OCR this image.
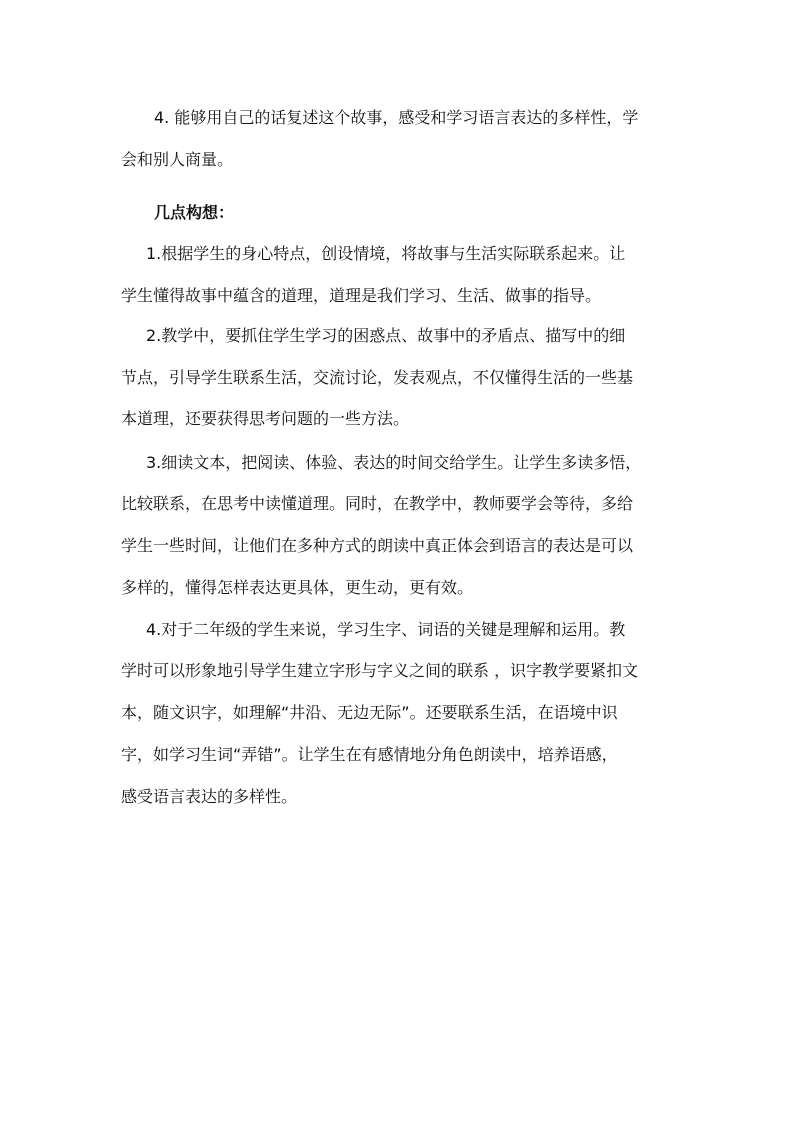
4. 能够用自己的话复述这个故事，感受和学习语言表达的多样性，学
会和别人商量。
几点构想：
1.根据学生的身心特点，创设情境，将故事与生活实际联系起来。让
学生懂得故事中蕴含的道理，道理是我们学习、生活、做事的指导。
2.教学中，要抓住学生学习的困惑点、故事中的矛盾点、描写中的细
节点，引导学生联系生活，交流讨论，发表观点，不仅懂得生活的一些基
本道理，还要获得思考问题的一些方法。
3.细读文本，把阅读、体验、表达的时间交给学生。让学生多读多悟，
比较联系，在思考中读懂道理。同时，在教学中，教师要学会等待，多给
学生一些时间，让他们在多种方式的朗读中真正体会到语言的表达是可以
多样的，懂得怎样表达更具体，更生动，更有效。
4.对于二年级的学生来说，学习生字、词语的关键是理解和运用。教
学时可以形象地引导学生建立字形与字义之间的联系 ，识字教学要紧扣文
本，随文识字，如理解“井沿、无边无际”。还要联系生活，在语境中识
字，如学习生词“弄错”。让学生在有感情地分角色朗读中，培养语感，
感受语言表达的多样性。
